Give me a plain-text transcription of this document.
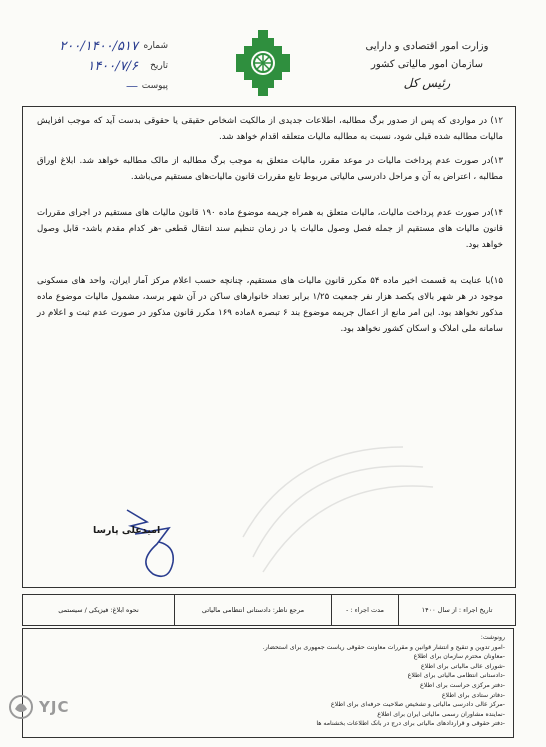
شماره
۲۰۰/۱۴۰۰/۵۱۷
تاریخ
۱۴۰۰/۷/۶
پیوست
—
وزارت امور اقتصادی و دارایی
سازمان امور مالیاتی کشور
رئیس کل
۱۲) در مواردی که پس از صدور برگ مطالبه، اطلاعات جدیدی از مالکیت اشخاص حقیقی یا حقوقی بدست آید که موجب افزایش مالیات مطالبه شده قبلی شود، نسبت به مطالبه مالیات متعلقه اقدام خواهد شد.
۱۳)در صورت عدم پرداخت مالیات در موعد مقرر، مالیات متعلق به موجب برگ مطالبه از مالک مطالبه خواهد شد. ابلاغ اوراق مطالبه ، اعتراض به آن و مراحل دادرسی مالیاتی مربوط تابع مقررات قانون مالیات‌های مستقیم می‌باشد.
۱۴)در صورت عدم پرداخت مالیات، مالیات متعلق به همراه جریمه موضوع ماده ۱۹۰ قانون مالیات های مستقیم در اجرای مقررات قانون مالیات های مستقیم از جمله فصل وصول مالیات یا در زمان تنظیم سند انتقال قطعی -هر کدام مقدم باشد- قابل وصول خواهد بود.
۱۵)با عنایت به قسمت اخیر ماده ۵۴ مکرر قانون مالیات های مستقیم، چنانچه حسب اعلام مرکز آمار ایران، واحد های مسکونی موجود در هر شهر بالای یکصد هزار نفر جمعیت ۱/۲۵ برابر تعداد خانوارهای ساکن در آن شهر برسد، مشمول مالیات موضوع ماده مذکور نخواهد بود. این امر مانع از اعمال جریمه موضوع بند ۶ تبصره ۸ماده ۱۶۹ مکرر قانون مذکور در صورت عدم ثبت و اعلام در سامانه ملی املاک و اسکان کشور نخواهد بود.
امیدعلی پارسا
تاریخ اجراء : از سال ۱۴۰۰
مدت اجراء : -
مرجع ناظر: دادستانی انتظامی مالیاتی
نحوه ابلاغ: فیزیکی / سیستمی
رونوشت:
-امور تدوین و تنقیح و انتشار قوانین و مقررات معاونت حقوقی ریاست جمهوری برای استحضار.
-معاونان محترم سازمان برای اطلاع
-شورای عالی مالیاتی برای اطلاع
-دادستانی انتظامی مالیاتی برای اطلاع
-دفتر مرکزی حراست برای اطلاع
-دفاتر ستادی برای اطلاع
-مرکز عالی دادرسی مالیاتی و تشخیص صلاحیت حرفه‌ای برای اطلاع
-نماینده مشاوران رسمی مالیاتی ایران برای اطلاع
-دفتر حقوقی و قراردادهای مالیاتی برای درج در بانک اطلاعات بخشنامه ها
YJC
